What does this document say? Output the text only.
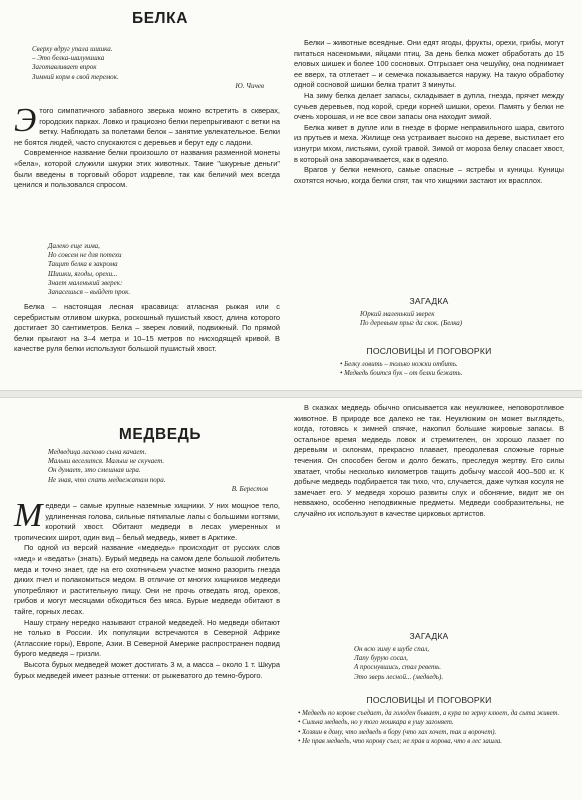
БЕЛКА

Сверху вдруг упала шишка.
– Это белка-шалунишка
Заготавливает впрок
Зимний корм в свой теремок.

Ю. Чичев

Э того симпатичного забавного зверька можно встретить в скверах, городских парках. Ловко и грациозно белки перепрыгивают с ветки на ветку. Наблюдать за полетами белок – занятие увлекательное. Белки не боятся людей, часто спускаются с деревьев и берут еду с ладони.

Современное название белки произошло от названия разменной монеты «бела», которой служили шкурки этих животных. Такие "шкурные деньги" были введены в торговый оборот издревле, так как беличий мех всегда ценился и пользовался спросом.

Далеко еще зима,
Но совсем не для потехи
Тащит белка в закрома
Шишки, ягоды, орехи...
Знает маленький зверек:
Запасешься ‒ выйдет прок.

Белка – настоящая лесная красавица: атласная рыжая или с серебристым отливом шкурка, роскошный пушистый хвост, длина которого достигает 30 сантиметров. Белка – зверек ловкий, подвижный. По прямой белки прыгают на 3–4 метра и 10–15 метров по нисходящей кривой. В качестве руля белки используют большой пушистый хвост.

Белки – животные всеядные. Они едят ягоды, фрукты, орехи, грибы, могут питаться насекомыми, яйцами птиц. За день белка может обработать до 15 еловых шишек и более 100 сосновых. Отгрызает она чешуйку, она поднимает ее вверх, та отлетает – и семечка показывается наружу. На такую обработку одной сосновой шишки белка тратит 3 минуты.

На зиму белка делает запасы, складывает в дупла, гнезда, прячет между сучьев деревьев, под корой, среди корней шишки, орехи. Память у белки не очень хорошая, и не все свои запасы она находит зимой.

Белка живет в дупле или в гнезде в форме неправильного шара, свитого из прутьев и меха. Жилище она устраивает высоко на дереве, выстилает его изнутри мхом, листьями, сухой травой. Зимой от мороза белку спасает хвост, в который она заворачивается, как в одеяло.

Врагов у белки немного, самые опасные – ястребы и куницы. Куницы охотятся ночью, когда белки спят, так что хищники застают их врасплох.

ЗАГАДКА

Юркий маленький зверек

По деревьям прыг да скок. (Белка)

ПОСЛОВИЦЫ И ПОГОВОРКИ

• Белку ловить – только ножки отбить.

• Медведь боится бук ‒ от белки бежать.

МЕДВЕДЬ

Медведица ласково сына качает.
Малыш веселится. Малыш не скучает.
Он думает, это смешная игра.
Не зная, что спать медвежатам пора.

В. Берестов

М едведи – самые крупные наземные хищники. У них мощное тело, удлиненная голова, сильные пятипалые лапы с большими когтями, короткий хвост. Обитают медведи в лесах умеренных и тропических широт, один вид – белый медведь, живет в Арктике.

По одной из версий название «медведь» происходит от русских слов «мед» и «ведать» (знать). Бурый медведь на самом деле большой любитель меда и точно знает, где на его охотничьем участке можно разорить гнезда диких пчел и полакомиться медом. В отличие от многих хищников медведи употребляют и растительную пищу. Они не прочь отведать ягод, орехов, грибов и могут месяцами обходиться без мяса. Бурые медведи обитают в тайге, горных лесах.

Нашу страну нередко называют страной медведей. Но медведи обитают не только в России. Их популяции встречаются в Северной Африке (Атласские горы), Европе, Азии. В Северной Америке распространен подвид бурого медведя – гризли.

Высота бурых медведей может достигать 3 м, а масса – около 1 т. Шкура бурых медведей имеет разные оттенки: от рыжеватого до темно-бурого.

В сказках медведь обычно описывается как неуклюжее, неповоротливое животное. В природе все далеко не так. Неуклюжим он может выглядеть, когда, готовясь к зимней спячке, накопил большие жировые запасы. В остальное время медведь ловок и стремителен, он хорошо лазает по деревьям и склонам, прекрасно плавает, преодолевая сложные горные течения. Он способен бегом и долго бежать, преследуя жертву. Его силы хватает, чтобы несколько километров тащить добычу массой 400–500 кг. К добыче медведь подбирается так тихо, что, случается, даже чуткая косуля не замечает его. У медведя хорошо развиты слух и обоняние, видит же он невважно, особенно неподвижные предметы. Медведи сообразительны, не случайно их используют в качестве цирковых артистов.

ЗАГАДКА

Он всю зиму в шубе спал,

Лапу бурую сосал,

А проснувшись, стал реветь.

Это зверь лесной... (медведь).

ПОСЛОВИЦЫ И ПОГОВОРКИ

• Медведь по корове съедает, да голоден бывает, а кура по зерну клюет, да сыта живет.

• Сильна медведь, но у того мошкара в ушу загоняет.

• Хозяин в дому, что медведь в бору (что хах хочет, так и ворочет).

• Не прав медведь, что корову съел; не прав и корова, что в лес зашла.
